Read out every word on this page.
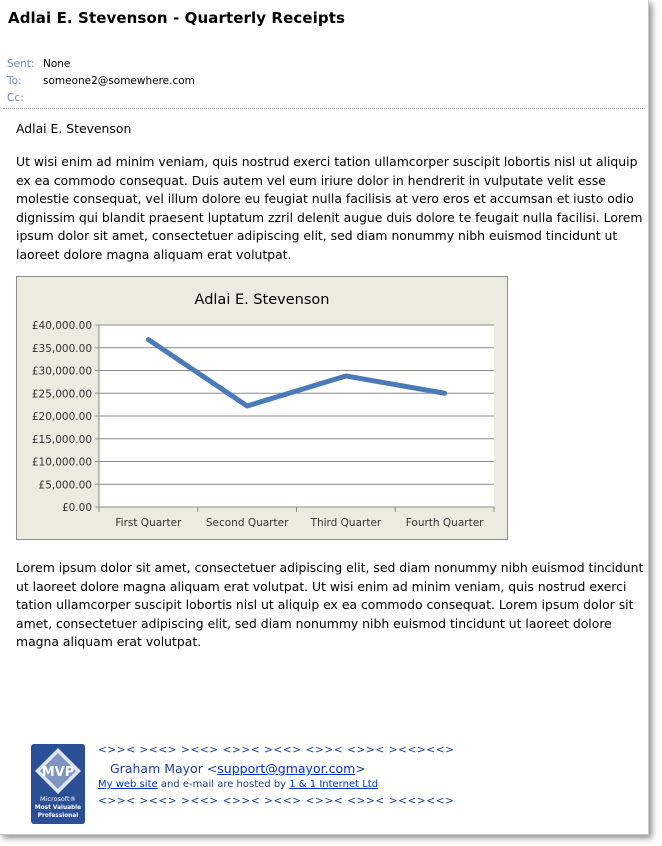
Adlai E. Stevenson - Quarterly Receipts
Sent: None
To:	someone2@somewhere.com
Cc:
Adlai E. Stevenson
Ut wisi enim ad minim veniam, quis nostrud exerci tation ullamcorper suscipit lobortis nisl ut aliquip ex ea commodo consequat. Duis autem vel eum iriure dolor in hendrerit in vulputate velit esse molestie consequat, vel illum dolore eu feugiat nulla facilisis at vero eros et accumsan et iusto odio dignissim qui blandit praesent luptatum zzril delenit augue duis dolore te feugait nulla facilisi. Lorem ipsum dolor sit amet, consectetuer adipiscing elit, sed diam nonummy nibh euismod tincidunt ut laoreet dolore magna aliquam erat volutpat.
Adlai E. Stevenson
£0.00
£5,000.00
£10,000.00
£15,000.00
£20,000.00
£25,000.00
£30,000.00
£35,000.00
£40,000.00
First Quarter Second Quarter Third Quarter Fourth Quarter
Lorem ipsum dolor sit amet, consectetuer adipiscing elit, sed diam nonummy nibh euismod tincidunt ut laoreet dolore magna aliquam erat volutpat. Ut wisi enim ad minim veniam, quis nostrud exerci tation ullamcorper suscipit lobortis nisl ut aliquip ex ea commodo consequat. Lorem ipsum dolor sit amet, consectetuer adipiscing elit, sed diam nonummy nibh euismod tincidunt ut laoreet dolore magna aliquam erat volutpat.
MVP
Microsoft®
Most Valuable
Professional
<>>< ><<> ><<> <>>< ><<> <>>< <>>< ><<><<>
Graham Mayor <support@gmayor.com>
My web site and e-mail are hosted by 1 & 1 Internet Ltd
<>>< ><<> ><<> <>>< ><<> <>>< <>>< ><<><<>
